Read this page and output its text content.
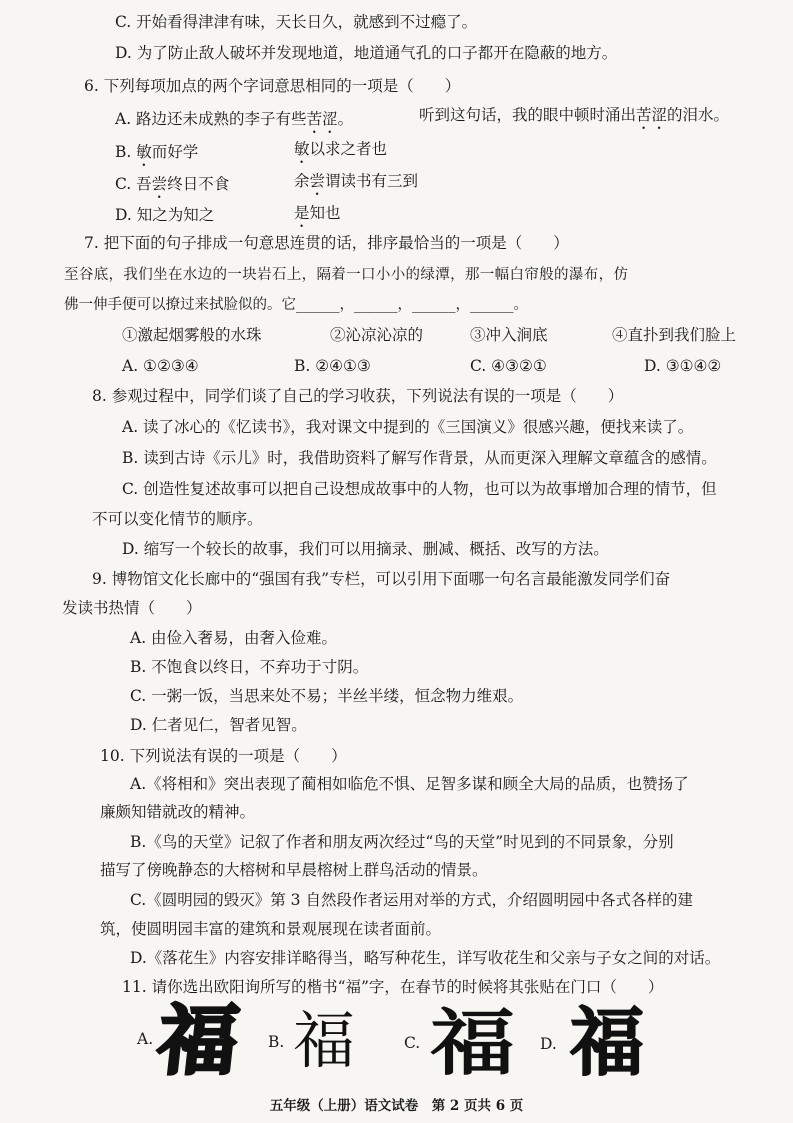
C. 开始看得津津有味，天长日久，就感到不过瘾了。
D. 为了防止敌人破坏并发现地道，地道通气孔的口子都开在隐蔽的地方。
6. 下列每项加点的两个字词意思相同的一项是（　　）
A. 路边还未成熟的李子有些苦涩。	听到这句话，我的眼中顿时涌出苦涩的泪水。
B. 敏而好学	敏以求之者也
C. 吾尝终日不食	余尝谓读书有三到
D. 知之为知之	是知也
7. 把下面的句子排成一句意思连贯的话，排序最恰当的一项是（　　）
至谷底，我们坐在水边的一块岩石上，隔着一口小小的绿潭，那一幅白帘般的瀑布，仿
佛一伸手便可以撩过来拭脸似的。它______，______，______，______。
①激起烟雾般的水珠	②沁凉沁凉的	③冲入涧底	④直扑到我们脸上
A. ①②③④	B. ②④①③	C. ④③②①	D. ③①④②
8. 参观过程中，同学们谈了自己的学习收获，下列说法有误的一项是（　　）
A. 读了冰心的《忆读书》，我对课文中提到的《三国演义》很感兴趣，便找来读了。
B. 读到古诗《示儿》时，我借助资料了解写作背景，从而更深入理解文章蕴含的感情。
C. 创造性复述故事可以把自己设想成故事中的人物，也可以为故事增加合理的情节，但
不可以变化情节的顺序。
D. 缩写一个较长的故事，我们可以用摘录、删减、概括、改写的方法。
9. 博物馆文化长廊中的“强国有我”专栏，可以引用下面哪一句名言最能激发同学们奋
发读书热情（　　）
A. 由俭入奢易，由奢入俭难。
B. 不饱食以终日，不弃功于寸阴。
C. 一粥一饭，当思来处不易；半丝半缕，恒念物力维艰。
D. 仁者见仁，智者见智。
10. 下列说法有误的一项是（　　）
A.《将相和》突出表现了蔺相如临危不惧、足智多谋和顾全大局的品质，也赞扬了
廉颇知错就改的精神。
B.《鸟的天堂》记叙了作者和朋友两次经过“鸟的天堂”时见到的不同景象，分别
描写了傍晚静态的大榕树和早晨榕树上群鸟活动的情景。
C.《圆明园的毁灭》第 3 自然段作者运用对举的方式，介绍圆明园中各式各样的建
筑，使圆明园丰富的建筑和景观展现在读者面前。
D.《落花生》内容安排详略得当，略写种花生，详写收花生和父亲与子女之间的对话。
11. 请你选出欧阳询所写的楷书“福”字，在春节的时候将其张贴在门口（　　）
A. 福 B. 福	C. 福 D. 福
五年级（上册）语文试卷　第 2 页共 6 页
